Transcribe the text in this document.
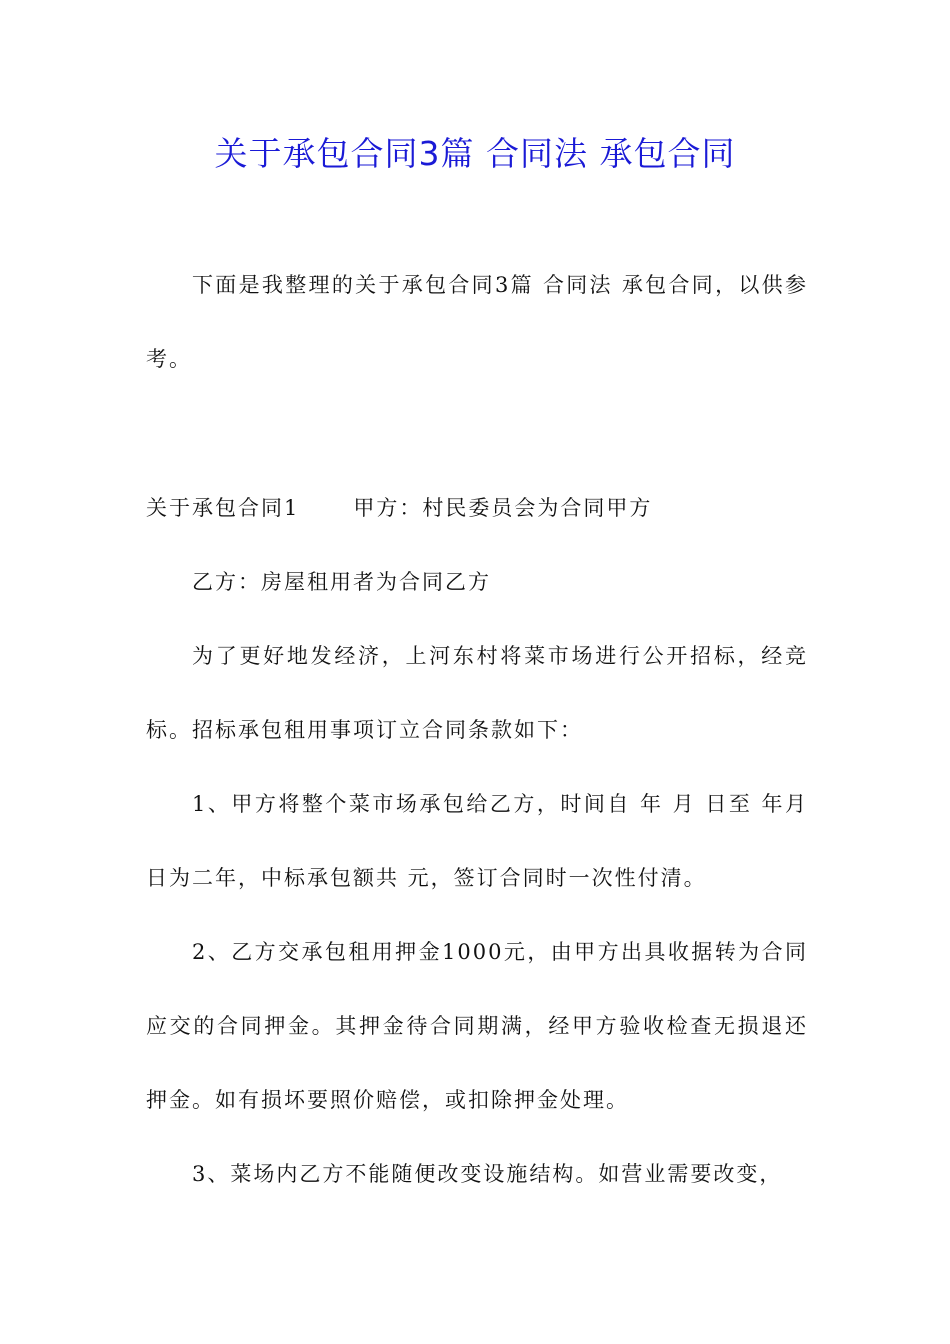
关于承包合同3篇 合同法 承包合同

下面是我整理的关于承包合同3篇 合同法 承包合同，以供参考。

关于承包合同1	甲方：村民委员会为合同甲方

乙方：房屋租用者为合同乙方

为了更好地发经济，上河东村将菜市场进行公开招标，经竞标。招标承包租用事项订立合同条款如下：

1、甲方将整个菜市场承包给乙方，时间自 年 月 日至 年月 日为二年，中标承包额共 元，签订合同时一次性付清。

2、乙方交承包租用押金1000元，由甲方出具收据转为合同应交的合同押金。其押金待合同期满，经甲方验收检查无损退还押金。如有损坏要照价赔偿，或扣除押金处理。

3、菜场内乙方不能随便改变设施结构。如营业需要改变，
